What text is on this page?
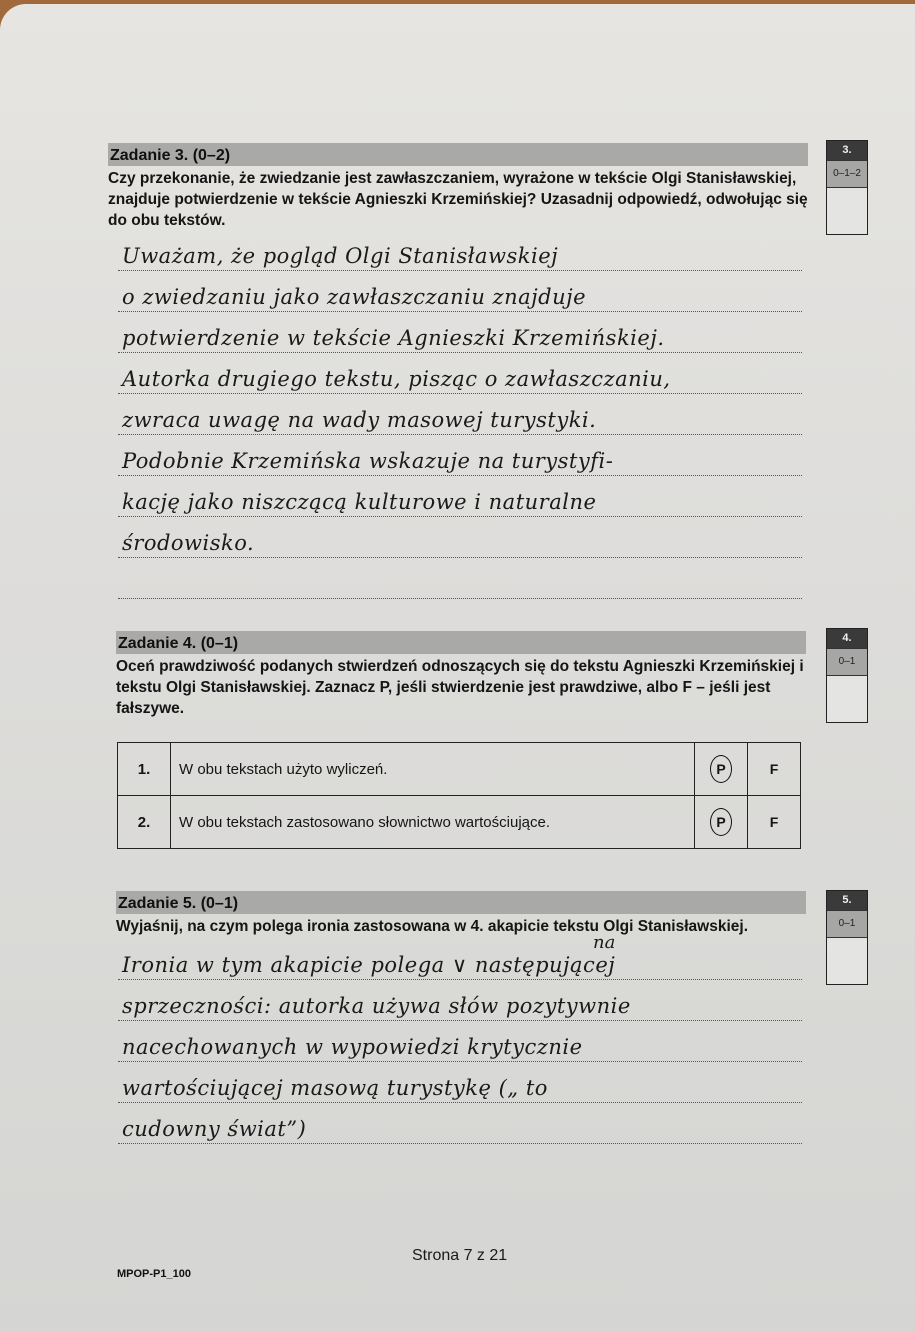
Zadanie 3. (0–2)
Czy przekonanie, że zwiedzanie jest zawłaszczaniem, wyrażone w tekście Olgi Stanisławskiej, znajduje potwierdzenie w tekście Agnieszki Krzemińskiej? Uzasadnij odpowiedź, odwołując się do obu tekstów.
3.
0–1–2
Uważam, że pogląd Olgi Stanisławskiej
o zwiedzaniu jako zawłaszczaniu znajduje
potwierdzenie w tekście Agnieszki Krzemińskiej.
Autorka drugiego tekstu, pisząc o zawłaszczaniu,
zwraca uwagę na wady masowej turystyki.
Podobnie Krzemińska wskazuje na turystyfi-
kację jako niszczącą kulturowe i naturalne
środowisko.
Zadanie 4. (0–1)
Oceń prawdziwość podanych stwierdzeń odnoszących się do tekstu Agnieszki Krzemińskiej i tekstu Olgi Stanisławskiej. Zaznacz P, jeśli stwierdzenie jest prawdziwe, albo F – jeśli jest fałszywe.
4.
0–1
1.	W obu tekstach użyto wyliczeń.	P	F
2.	W obu tekstach zastosowano słownictwo wartościujące.	P	F
Zadanie 5. (0–1)
Wyjaśnij, na czym polega ironia zastosowana w 4. akapicie tekstu Olgi Stanisławskiej.
5.
0–1
na
Ironia w tym akapicie polega ∨ następującej
sprzeczności: autorka używa słów pozytywnie
nacechowanych w wypowiedzi krytycznie
wartościującej masową turystykę („ to
cudowny świat”)
Strona 7 z 21
MPOP-P1_100
